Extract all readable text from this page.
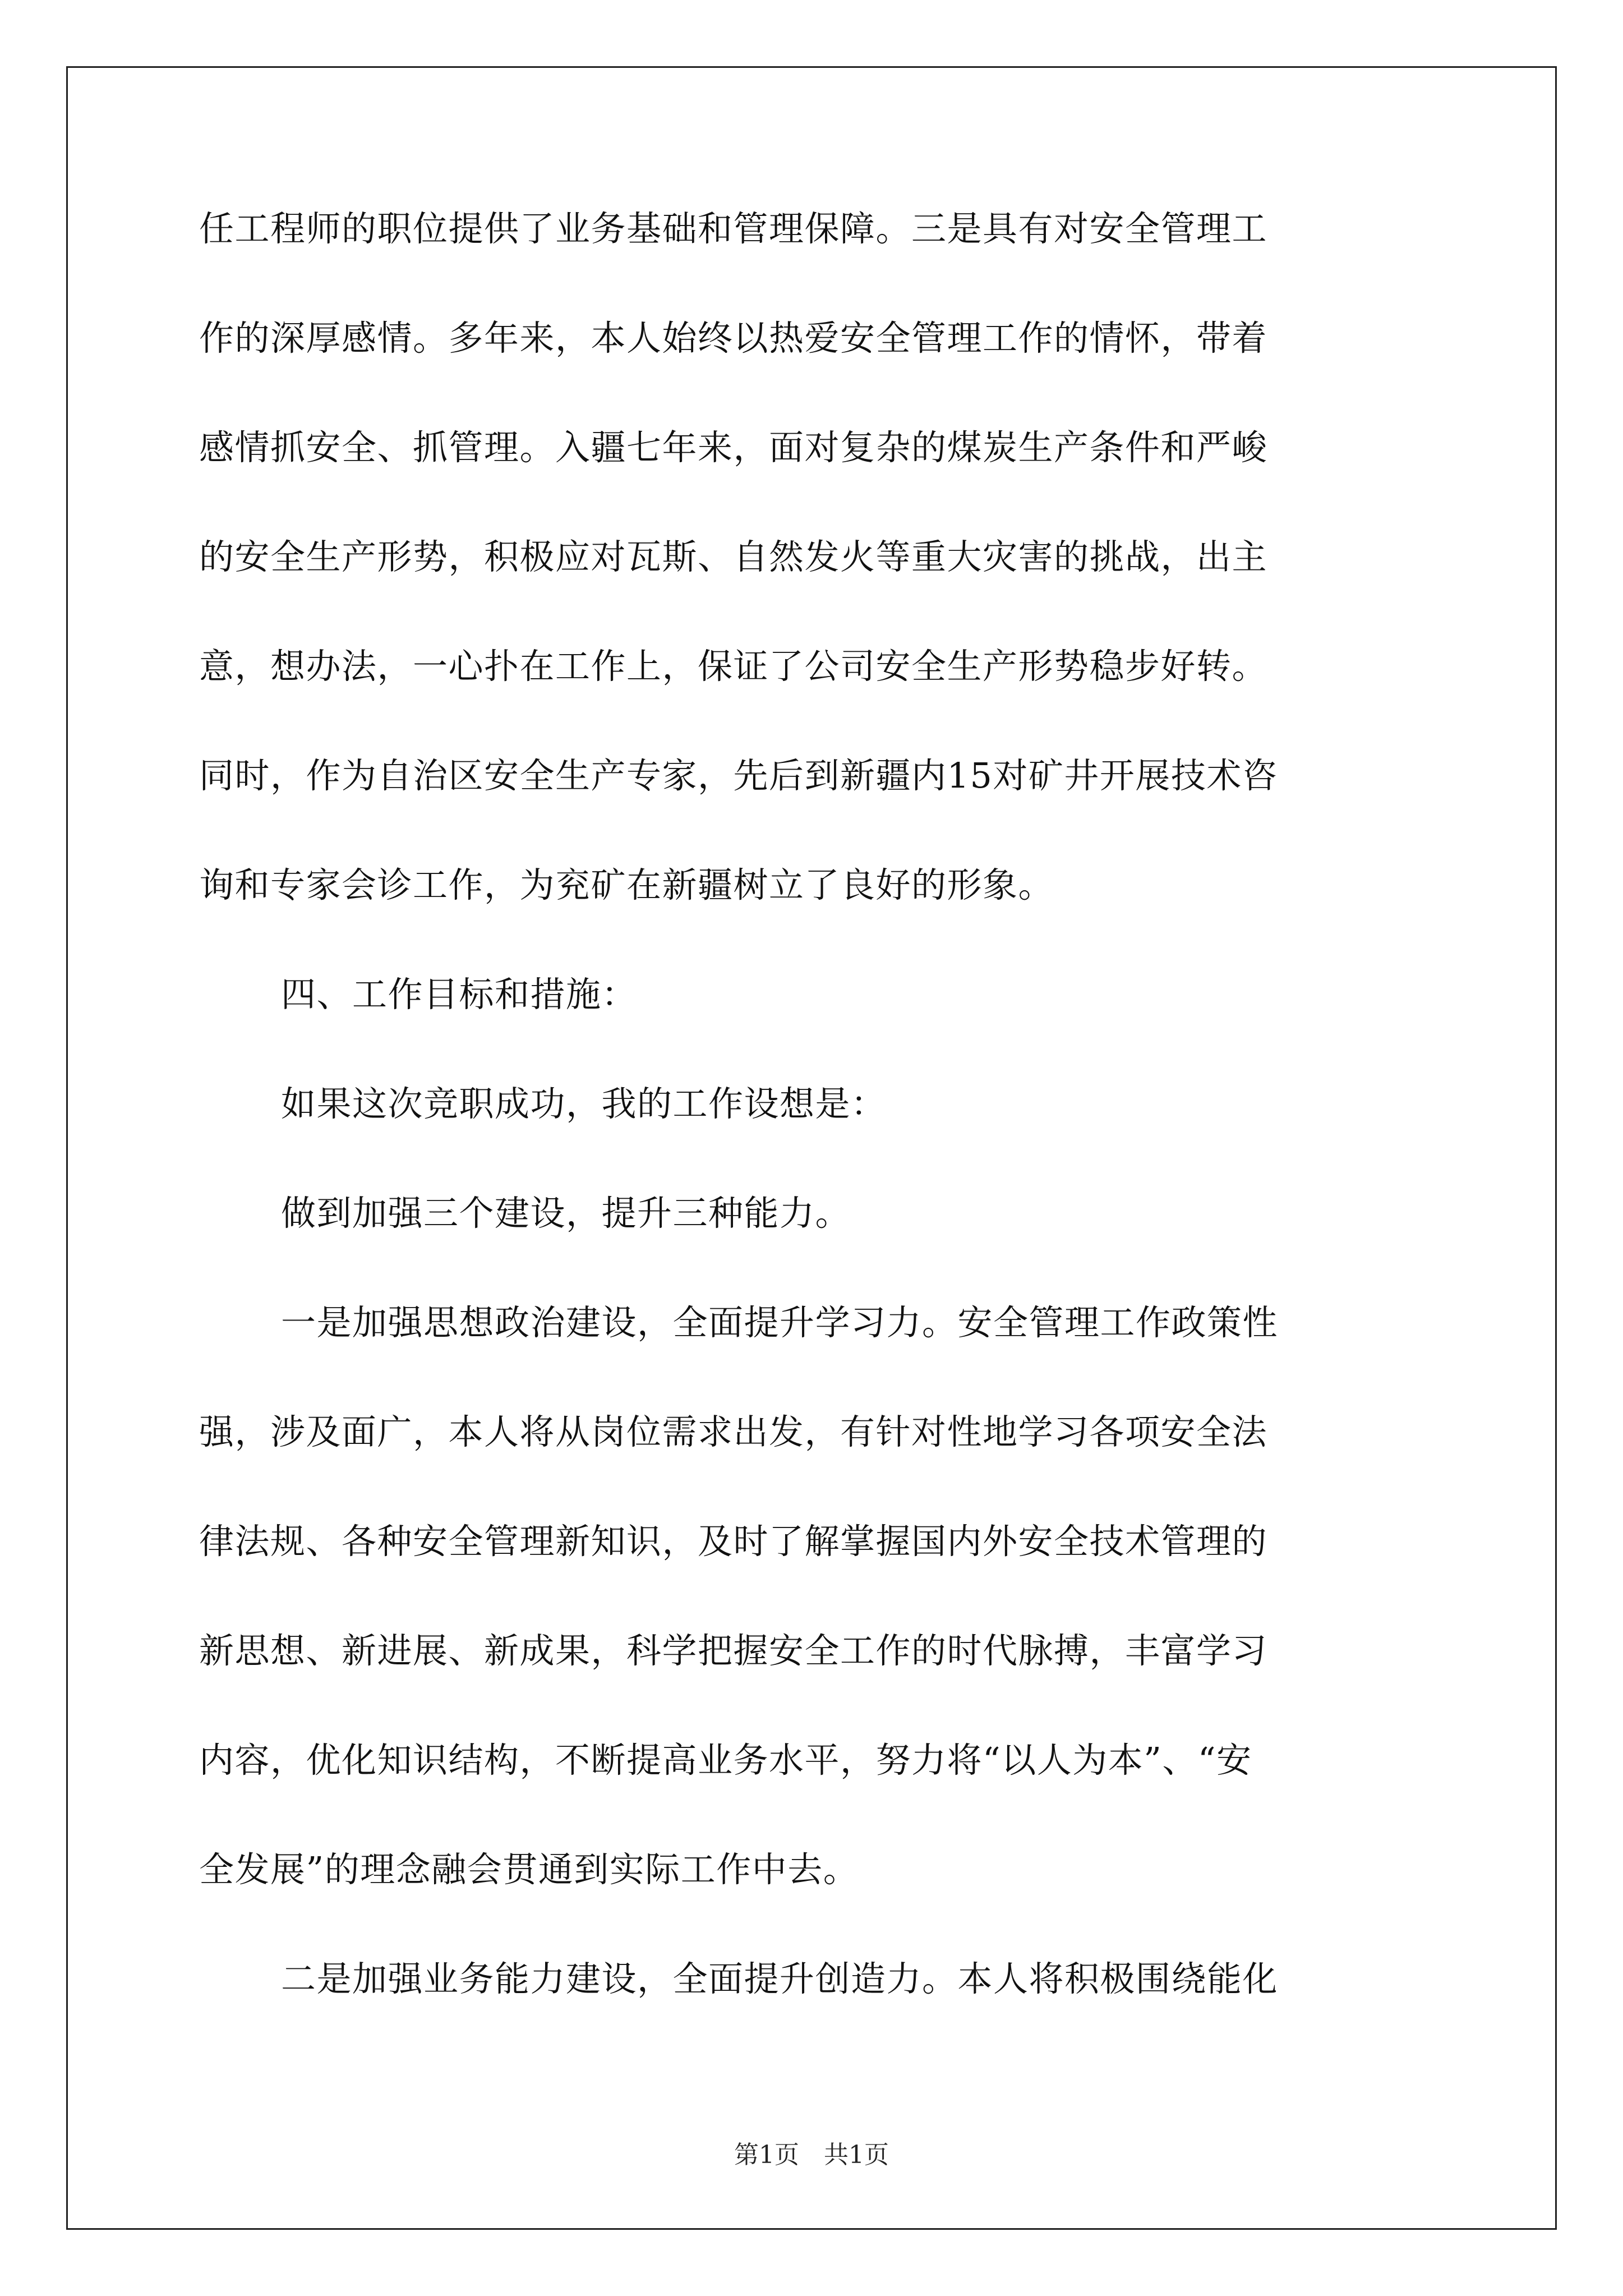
任工程师的职位提供了业务基础和管理保障。三是具有对安全管理工
作的深厚感情。多年来，本人始终以热爱安全管理工作的情怀，带着
感情抓安全、抓管理。入疆七年来，面对复杂的煤炭生产条件和严峻
的安全生产形势，积极应对瓦斯、自然发火等重大灾害的挑战，出主
意，想办法，一心扑在工作上，保证了公司安全生产形势稳步好转。
同时，作为自治区安全生产专家，先后到新疆内15对矿井开展技术咨
询和专家会诊工作，为兖矿在新疆树立了良好的形象。
四、工作目标和措施：
如果这次竞职成功，我的工作设想是：
做到加强三个建设，提升三种能力。
一是加强思想政治建设，全面提升学习力。安全管理工作政策性
强，涉及面广，本人将从岗位需求出发，有针对性地学习各项安全法
律法规、各种安全管理新知识，及时了解掌握国内外安全技术管理的
新思想、新进展、新成果，科学把握安全工作的时代脉搏，丰富学习
内容，优化知识结构，不断提高业务水平，努力将“以人为本”、“安
全发展”的理念融会贯通到实际工作中去。
二是加强业务能力建设，全面提升创造力。本人将积极围绕能化
第1页　共1页
